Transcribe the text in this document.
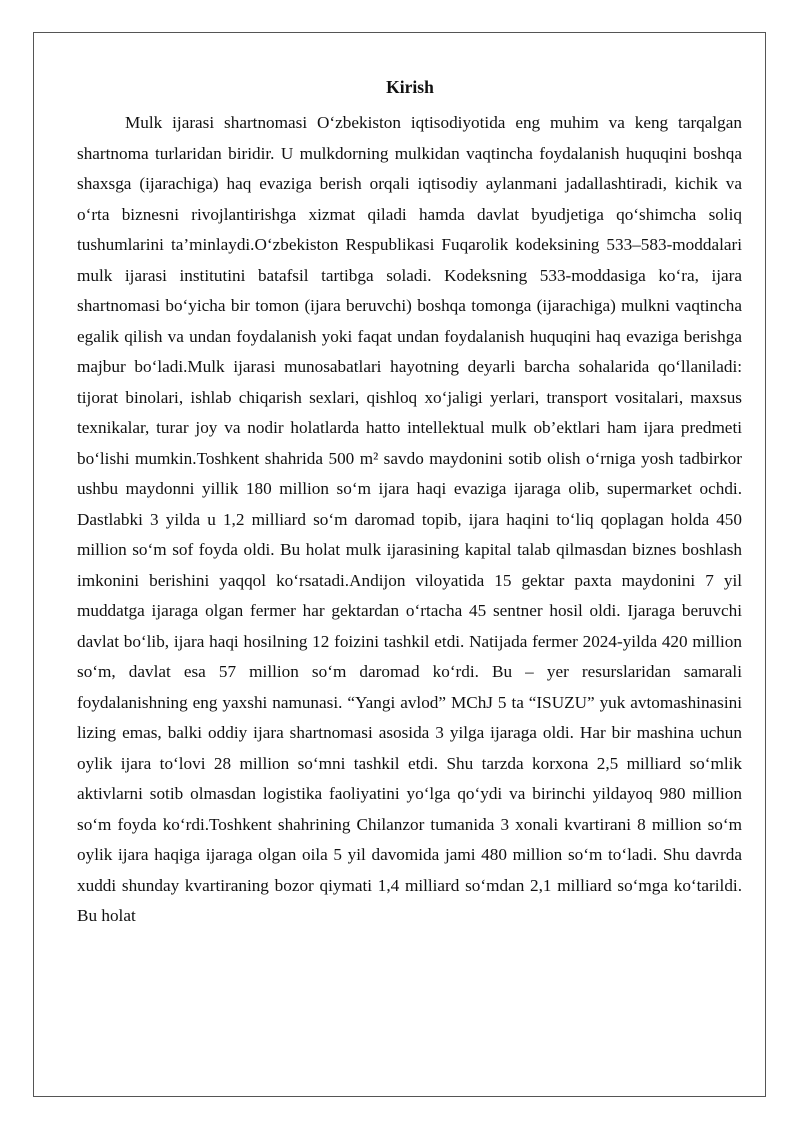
Kirish

Mulk ijarasi shartnomasi O‘zbekiston iqtisodiyotida eng muhim va keng tarqalgan shartnoma turlaridan biridir. U mulkdorning mulkidan vaqtincha foydalanish huquqini boshqa shaxsga (ijarachiga) haq evaziga berish orqali iqtisodiy aylanmani jadallashtiradi, kichik va o‘rta biznesni rivojlantirishga xizmat qiladi hamda davlat byudjetiga qo‘shimcha soliq tushumlarini ta’minlaydi.O‘zbekiston Respublikasi Fuqarolik kodeksining 533–583-moddalari mulk ijarasi institutini batafsil tartibga soladi. Kodeksning 533-moddasiga ko‘ra, ijara shartnomasi bo‘yicha bir tomon (ijara beruvchi) boshqa tomonga (ijarachiga) mulkni vaqtincha egalik qilish va undan foydalanish yoki faqat undan foydalanish huquqini haq evaziga berishga majbur bo‘ladi.Mulk ijarasi munosabatlari hayotning deyarli barcha sohalarida qo‘llaniladi: tijorat binolari, ishlab chiqarish sexlari, qishloq xo‘jaligi yerlari, transport vositalari, maxsus texnikalar, turar joy va nodir holatlarda hatto intellektual mulk ob’ektlari ham ijara predmeti bo‘lishi mumkin.Toshkent shahrida 500 m² savdo maydonini sotib olish o‘rniga yosh tadbirkor ushbu maydonni yillik 180 million so‘m ijara haqi evaziga ijaraga olib, supermarket ochdi. Dastlabki 3 yilda u 1,2 milliard so‘m daromad topib, ijara haqini to‘liq qoplagan holda 450 million so‘m sof foyda oldi. Bu holat mulk ijarasining kapital talab qilmasdan biznes boshlash imkonini berishini yaqqol ko‘rsatadi.Andijon viloyatida 15 gektar paxta maydonini 7 yil muddatga ijaraga olgan fermer har gektardan o‘rtacha 45 sentner hosil oldi. Ijaraga beruvchi davlat bo‘lib, ijara haqi hosilning 12 foizini tashkil etdi. Natijada fermer 2024-yilda 420 million so‘m, davlat esa 57 million so‘m daromad ko‘rdi. Bu – yer resurslaridan samarali foydalanishning eng yaxshi namunasi. “Yangi avlod” MChJ 5 ta “ISUZU” yuk avtomashinasini lizing emas, balki oddiy ijara shartnomasi asosida 3 yilga ijaraga oldi. Har bir mashina uchun oylik ijara to‘lovi 28 million so‘mni tashkil etdi. Shu tarzda korxona 2,5 milliard so‘mlik aktivlarni sotib olmasdan logistika faoliyatini yo‘lga qo‘ydi va birinchi yildayoq 980 million so‘m foyda ko‘rdi.Toshkent shahrining Chilanzor tumanida 3 xonali kvartirani 8 million so‘m oylik ijara haqiga ijaraga olgan oila 5 yil davomida jami 480 million so‘m to‘ladi. Shu davrda xuddi shunday kvartiraning bozor qiymati 1,4 milliard so‘mdan 2,1 milliard so‘mga ko‘tarildi. Bu holat
